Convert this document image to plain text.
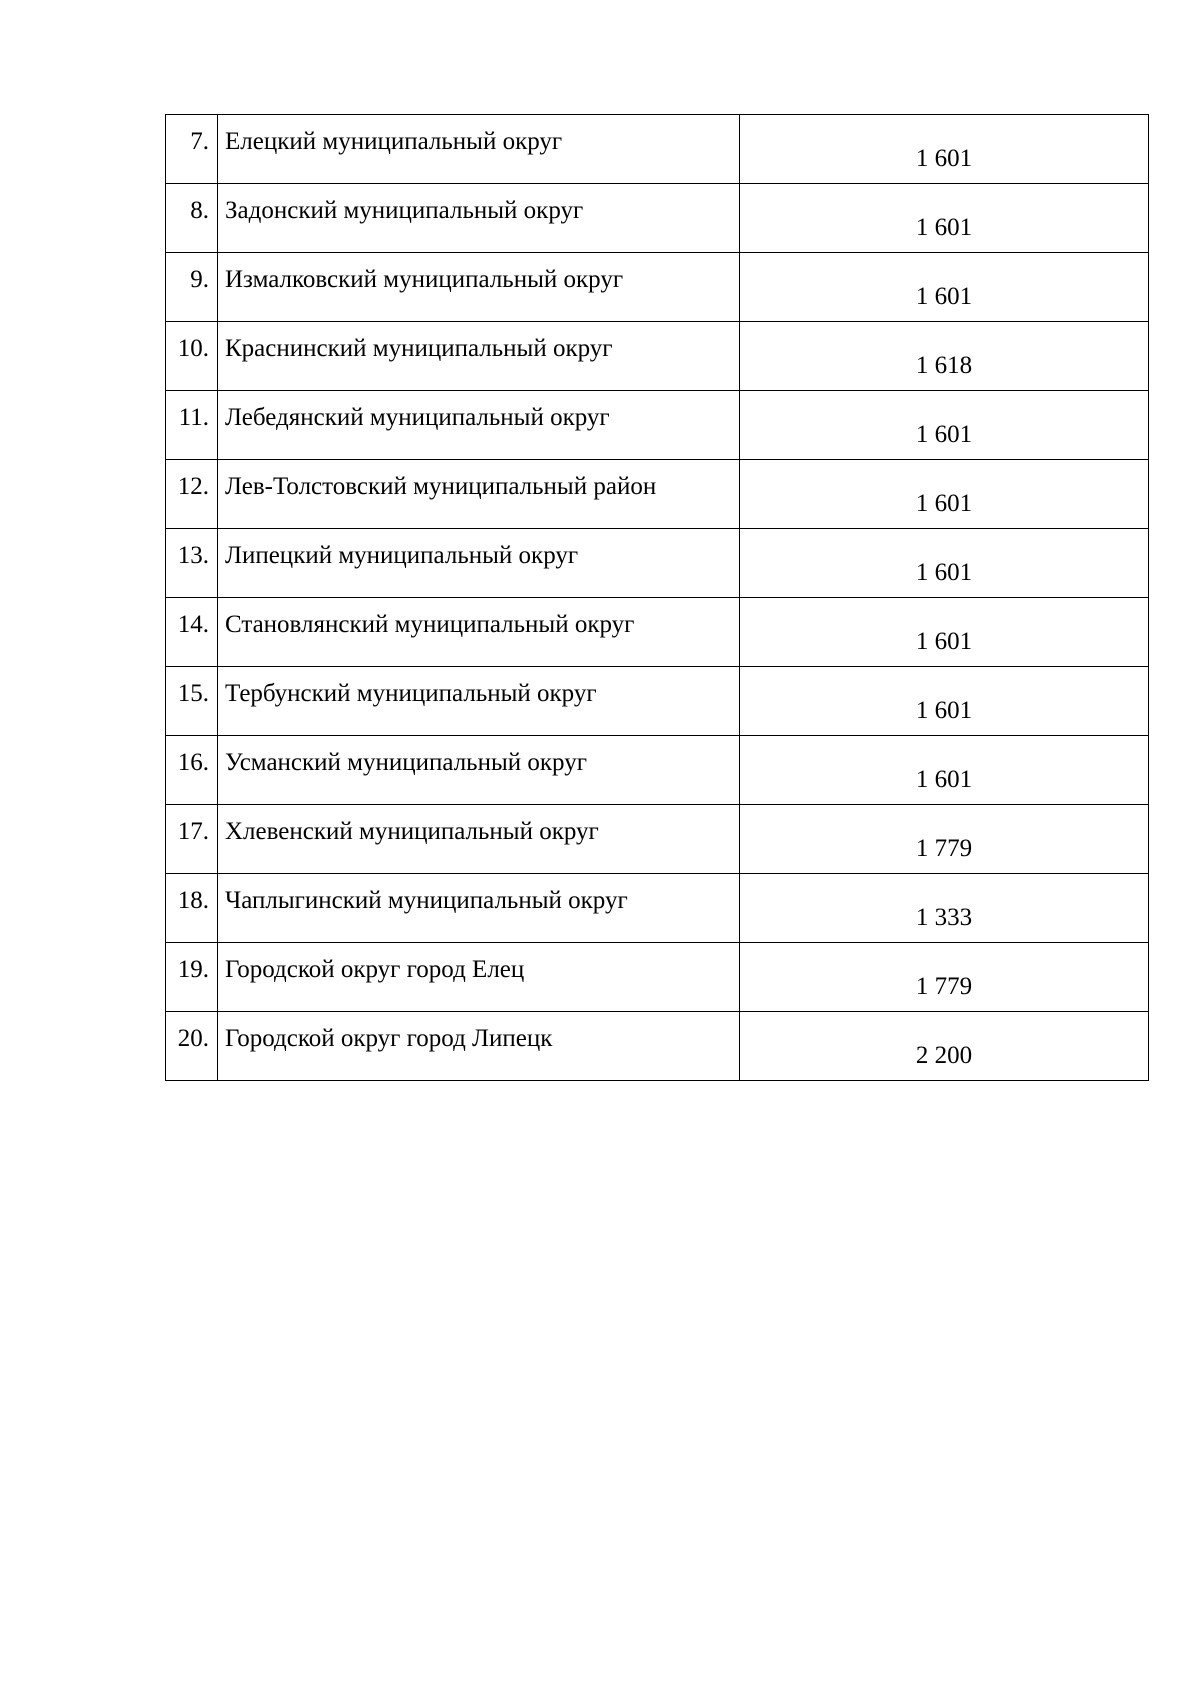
7.	Елецкий муниципальный округ	1 601
8.	Задонский муниципальный округ	1 601
9.	Измалковский муниципальный округ	1 601
10.	Краснинский муниципальный округ	1 618
11.	Лебедянский муниципальный округ	1 601
12.	Лев-Толстовский муниципальный район	1 601
13.	Липецкий муниципальный округ	1 601
14.	Становлянский муниципальный округ	1 601
15.	Тербунский муниципальный округ	1 601
16.	Усманский муниципальный округ	1 601
17.	Хлевенский муниципальный округ	1 779
18.	Чаплыгинский муниципальный округ	1 333
19.	Городской округ город Елец	1 779
20.	Городской округ город Липецк	2 200
